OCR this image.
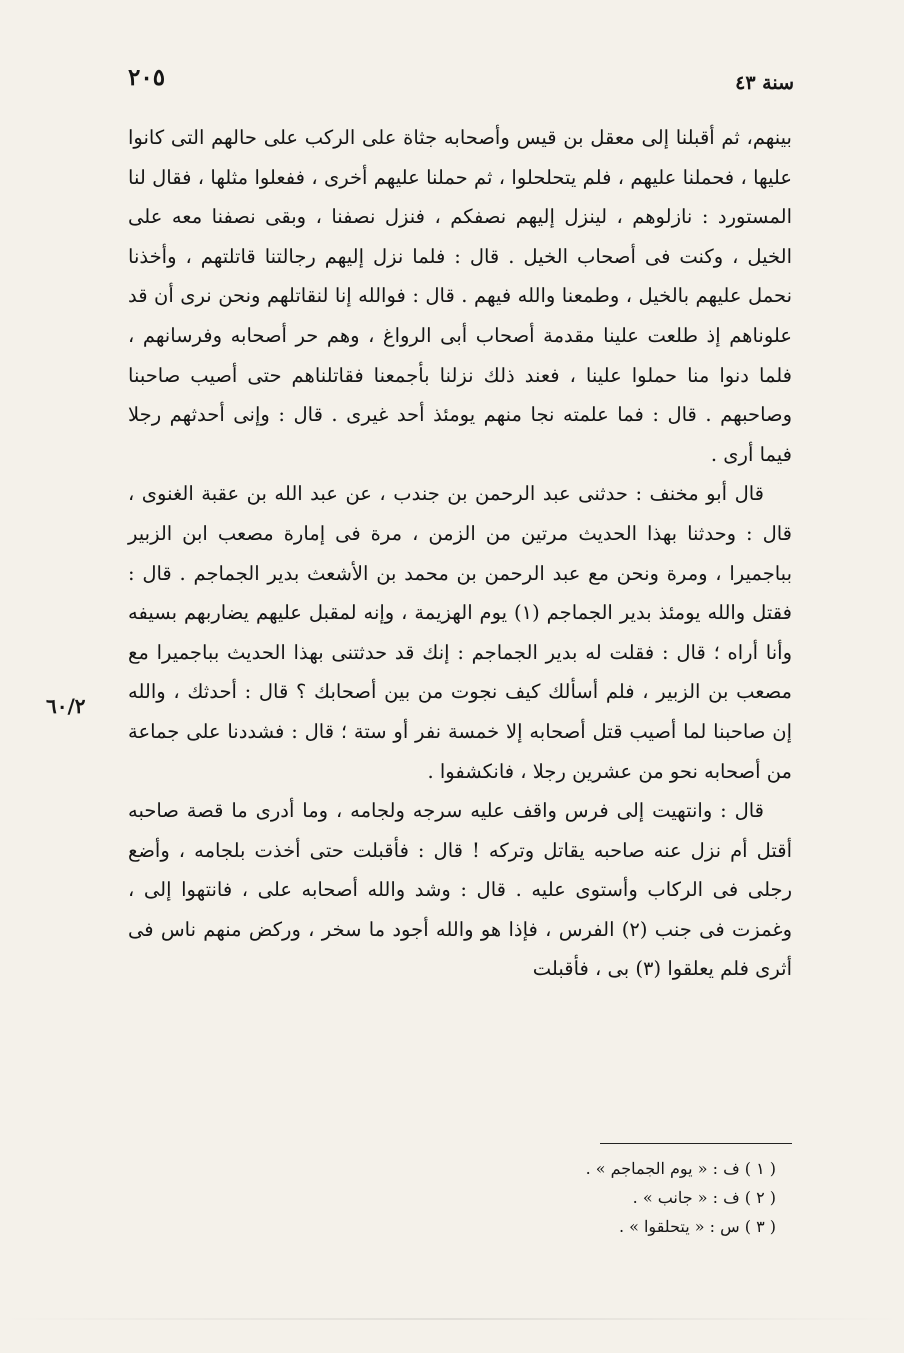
سنة ٤٣
٢٠٥

بينهم، ثم أقبلنا إلى معقل بن قيس وأصحابه جثاة على الركب على حالهم التى كانوا عليها ، فحملنا عليهم ، فلم يتحلحلوا ، ثم حملنا عليهم أخرى ، ففعلوا مثلها ، فقال لنا المستورد : نازلوهم ، لينزل إليهم نصفكم ، فنزل نصفنا ، وبقى نصفنا معه على الخيل ، وكنت فى أصحاب الخيل . قال : فلما نزل إليهم رجالتنا قاتلتهم ، وأخذنا نحمل عليهم بالخيل ، وطمعنا والله فيهم . قال : فوالله إنا لنقاتلهم ونحن نرى أن قد علوناهم إذ طلعت علينا مقدمة أصحاب أبى الرواغ ، وهم حر أصحابه وفرسانهم ، فلما دنوا منا حملوا علينا ، فعند ذلك نزلنا بأجمعنا فقاتلناهم حتى أصيب صاحبنا وصاحبهم . قال : فما علمته نجا منهم يومئذ أحد غيرى . قال : وإنى أحدثهم رجلا فيما أرى .

قال أبو مخنف : حدثنى عبد الرحمن بن جندب ، عن عبد الله بن عقبة الغنوى ، قال : وحدثنا بهذا الحديث مرتين من الزمن ، مرة فى إمارة مصعب ابن الزبير بباجميرا ، ومرة ونحن مع عبد الرحمن بن محمد بن الأشعث بدير الجماجم . قال : فقتل والله يومئذ بدير الجماجم (١) يوم الهزيمة ، وإنه لمقبل عليهم يضاربهم بسيفه وأنا أراه ؛ قال : فقلت له بدير الجماجم : إنك قد حدثتنى بهذا الحديث بباجميرا مع مصعب بن الزبير ، فلم أسألك كيف نجوت من بين أصحابك ؟ قال : أحدثك ، والله إن صاحبنا لما أصيب قتل أصحابه إلا خمسة نفر أو ستة ؛ قال : فشددنا على جماعة من أصحابه نحو من عشرين رجلا ، فانكشفوا .

قال : وانتهيت إلى فرس واقف عليه سرجه ولجامه ، وما أدرى ما قصة صاحبه أقتل أم نزل عنه صاحبه يقاتل وتركه ! قال : فأقبلت حتى أخذت بلجامه ، وأضع رجلى فى الركاب وأستوى عليه . قال : وشد والله أصحابه على ، فانتهوا إلى ، وغمزت فى جنب (٢) الفرس ، فإذا هو والله أجود ما سخر ، وركض منهم ناس فى أثرى فلم يعلقوا (٣) بى ، فأقبلت

٦٠/٢
( ١ ) ف : « يوم الجماجم » .
( ٢ ) ف : « جانب » .
( ٣ ) س : « يتحلقوا » .
